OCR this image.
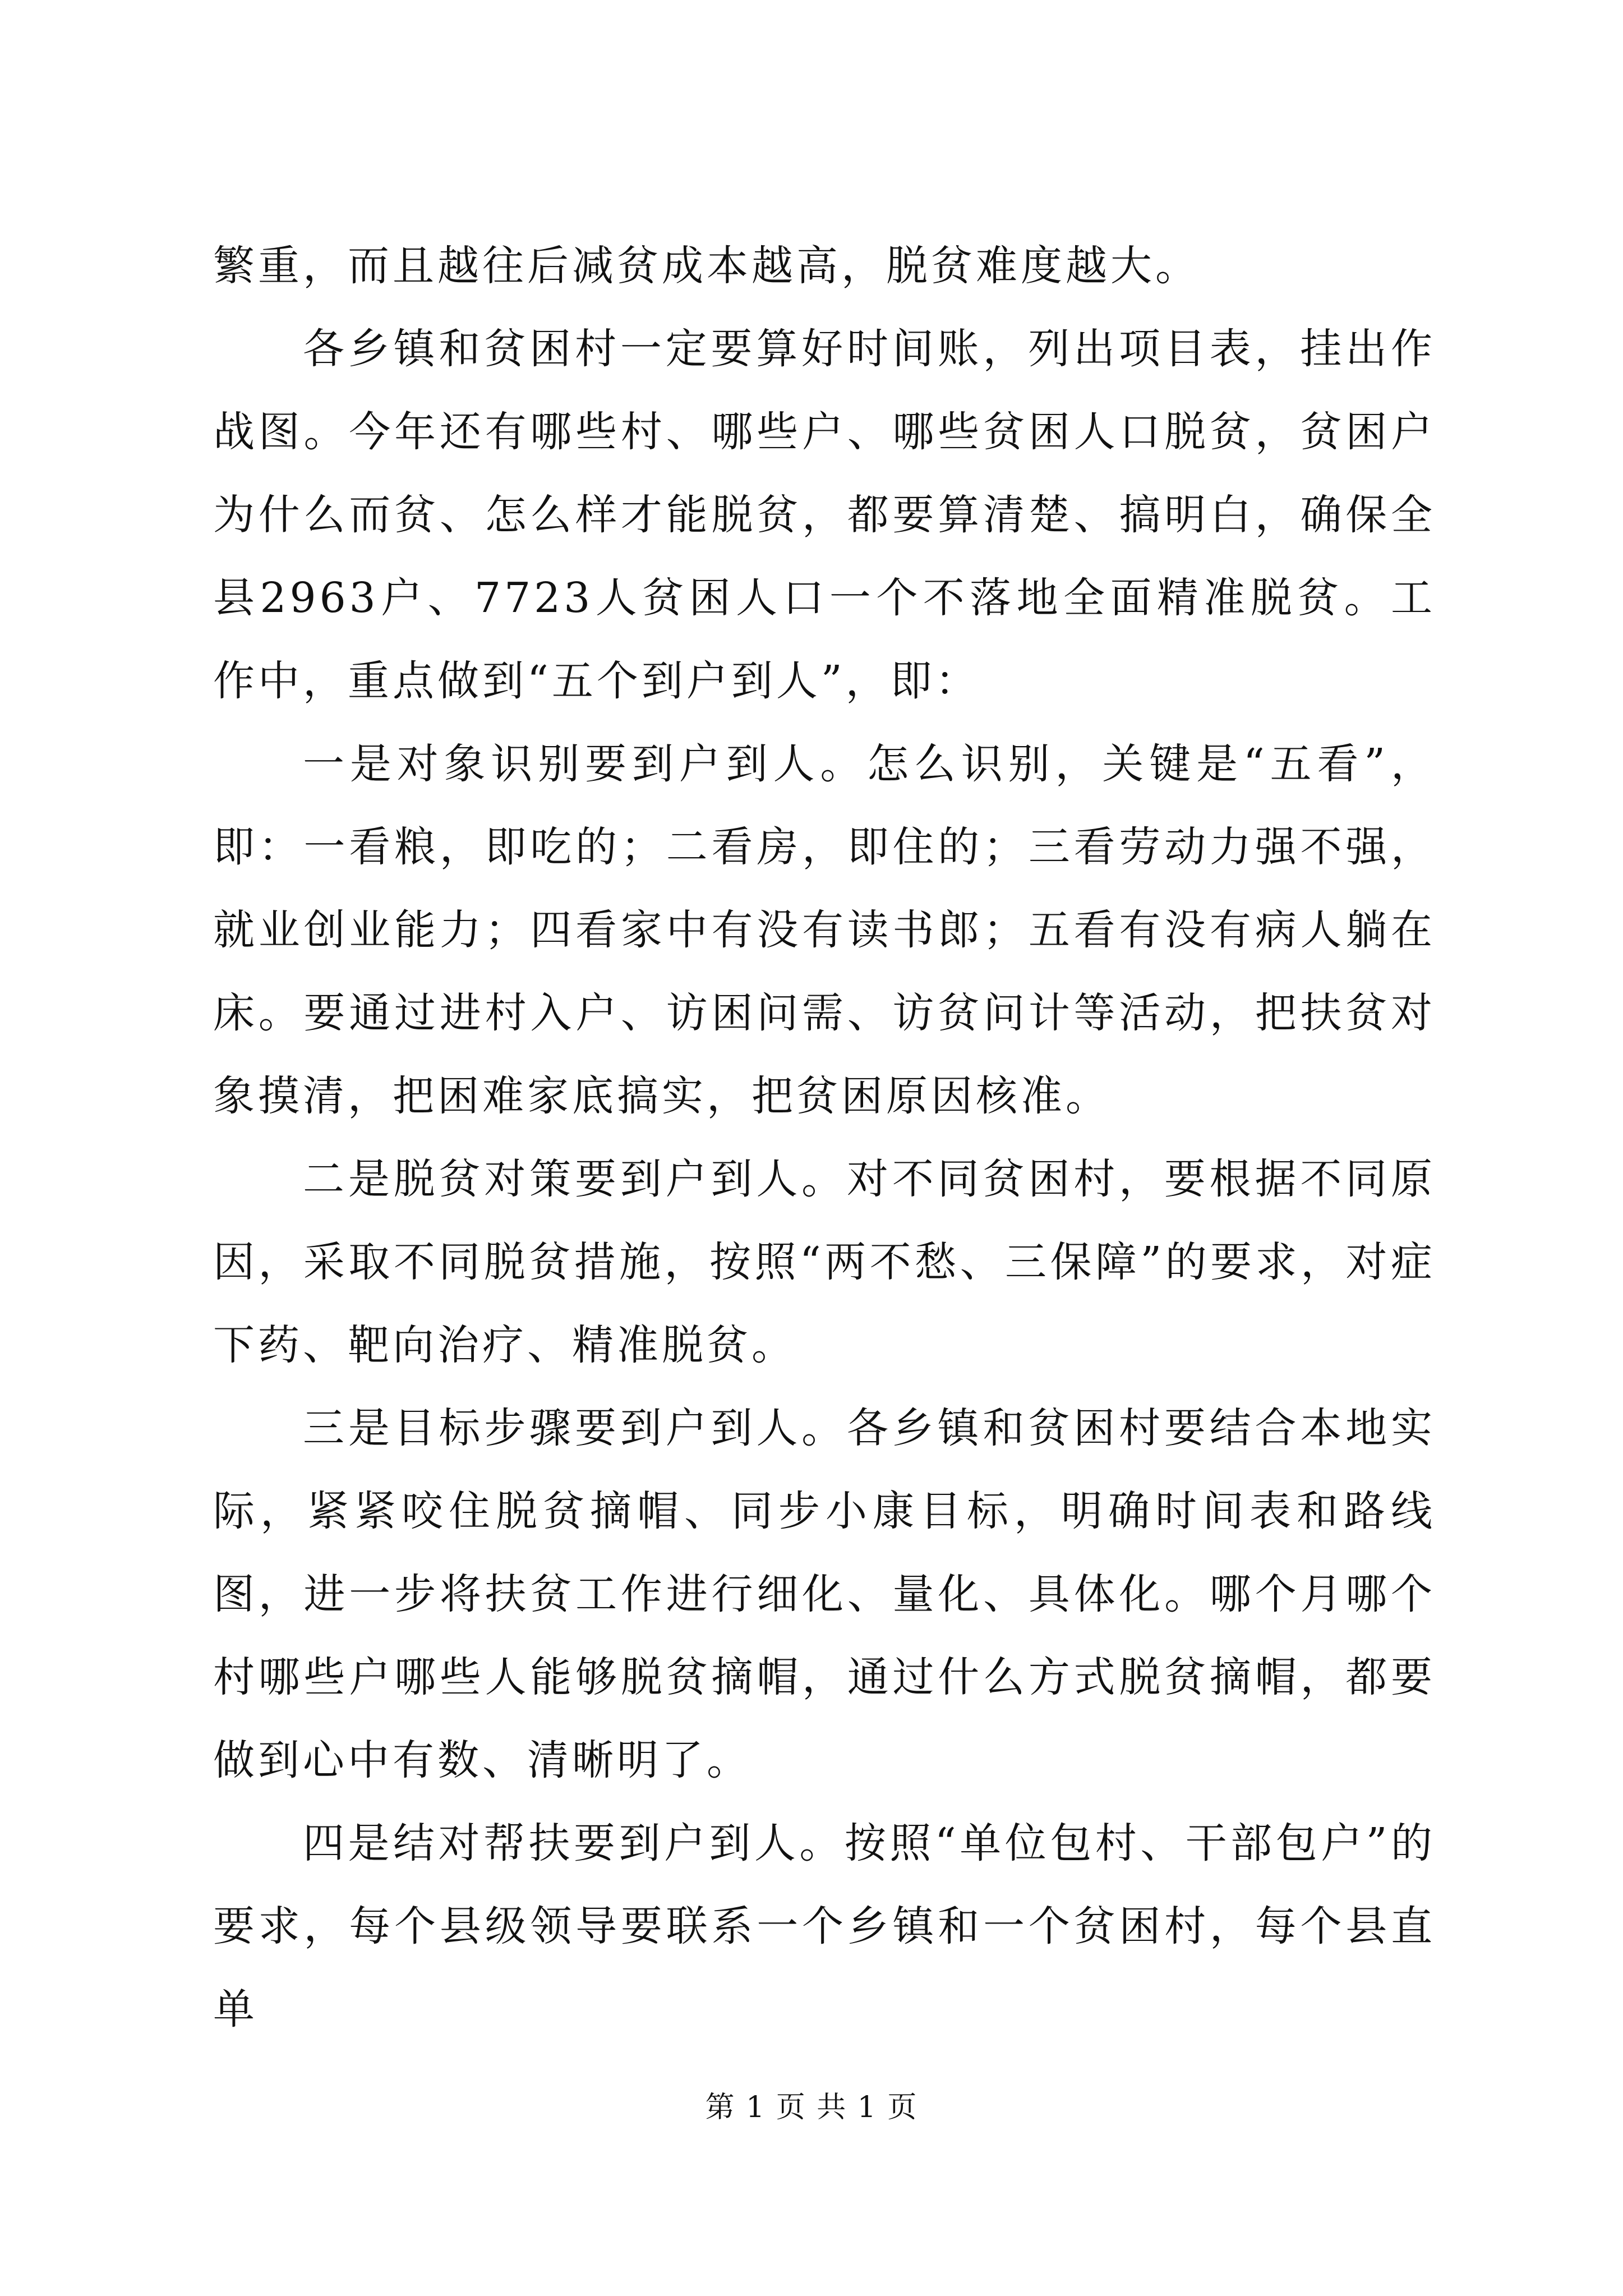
繁重，而且越往后减贫成本越高，脱贫难度越大。

各乡镇和贫困村一定要算好时间账，列出项目表，挂出作战图。今年还有哪些村、哪些户、哪些贫困人口脱贫，贫困户为什么而贫、怎么样才能脱贫，都要算清楚、搞明白，确保全县2963户、7723人贫困人口一个不落地全面精准脱贫。工作中，重点做到“五个到户到人”，即：

一是对象识别要到户到人。怎么识别，关键是“五看”，即：一看粮，即吃的；二看房，即住的；三看劳动力强不强，就业创业能力；四看家中有没有读书郎；五看有没有病人躺在床。要通过进村入户、访困问需、访贫问计等活动，把扶贫对象摸清，把困难家底搞实，把贫困原因核准。

二是脱贫对策要到户到人。对不同贫困村，要根据不同原因，采取不同脱贫措施，按照“两不愁、三保障”的要求，对症下药、靶向治疗、精准脱贫。

三是目标步骤要到户到人。各乡镇和贫困村要结合本地实际，紧紧咬住脱贫摘帽、同步小康目标，明确时间表和路线图，进一步将扶贫工作进行细化、量化、具体化。哪个月哪个村哪些户哪些人能够脱贫摘帽，通过什么方式脱贫摘帽，都要做到心中有数、清晰明了。

四是结对帮扶要到户到人。按照“单位包村、干部包户”的要求，每个县级领导要联系一个乡镇和一个贫困村，每个县直单

第 1 页 共 1 页
